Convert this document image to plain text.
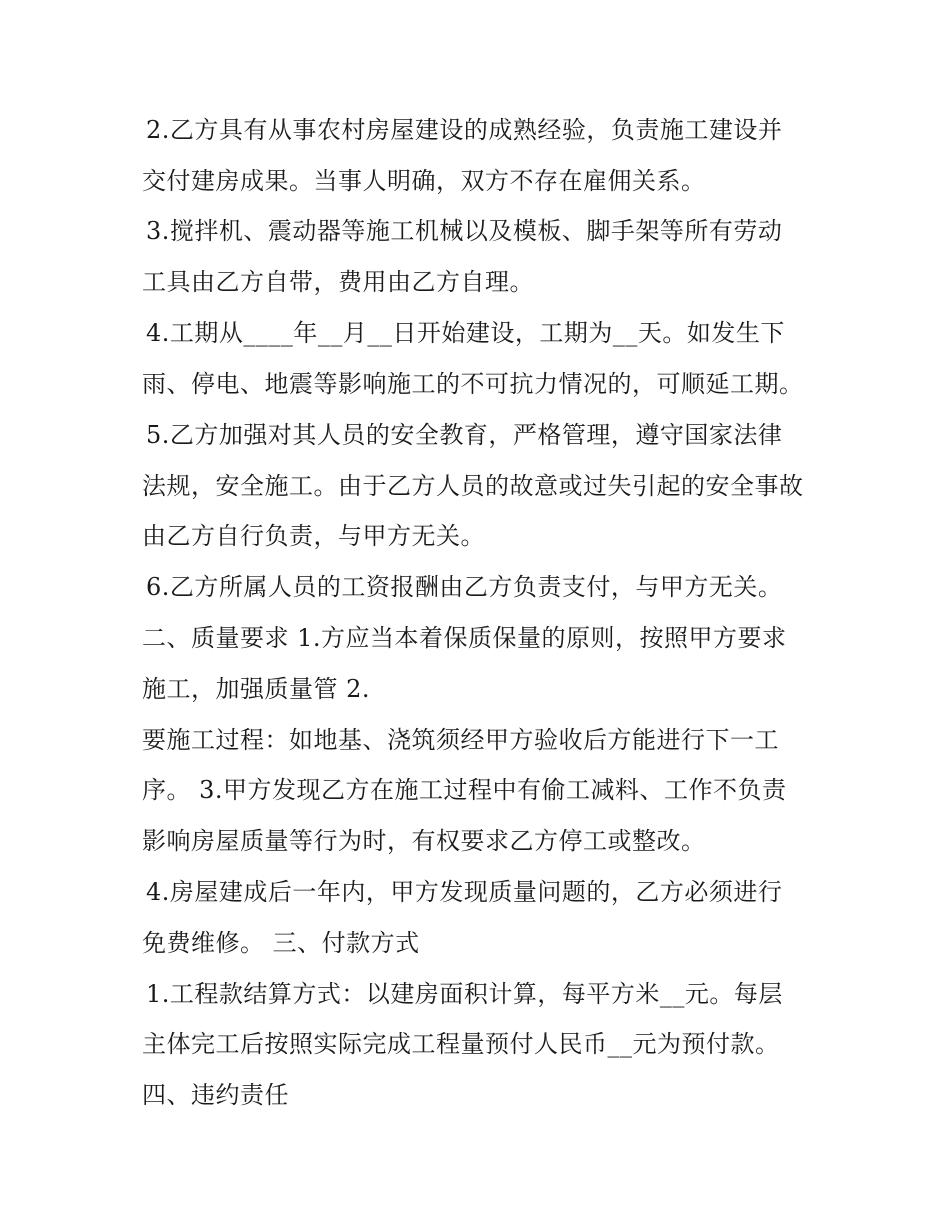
2.乙方具有从事农村房屋建设的成熟经验，负责施工建设并
交付建房成果。当事人明确，双方不存在雇佣关系。
3.搅拌机、震动器等施工机械以及模板、脚手架等所有劳动
工具由乙方自带，费用由乙方自理。
4.工期从____年__月__日开始建设，工期为__天。如发生下
雨、停电、地震等影响施工的不可抗力情况的，可顺延工期。
5.乙方加强对其人员的安全教育，严格管理，遵守国家法律
法规，安全施工。由于乙方人员的故意或过失引起的安全事故
由乙方自行负责，与甲方无关。
6.乙方所属人员的工资报酬由乙方负责支付，与甲方无关。
二、质量要求 1.方应当本着保质保量的原则，按照甲方要求
施工，加强质量管 2.
要施工过程：如地基、浇筑须经甲方验收后方能进行下一工
序。 3.甲方发现乙方在施工过程中有偷工减料、工作不负责
影响房屋质量等行为时，有权要求乙方停工或整改。
4.房屋建成后一年内，甲方发现质量问题的，乙方必须进行
免费维修。 三、付款方式
1.工程款结算方式：以建房面积计算，每平方米__元。每层
主体完工后按照实际完成工程量预付人民币__元为预付款。
四、违约责任
